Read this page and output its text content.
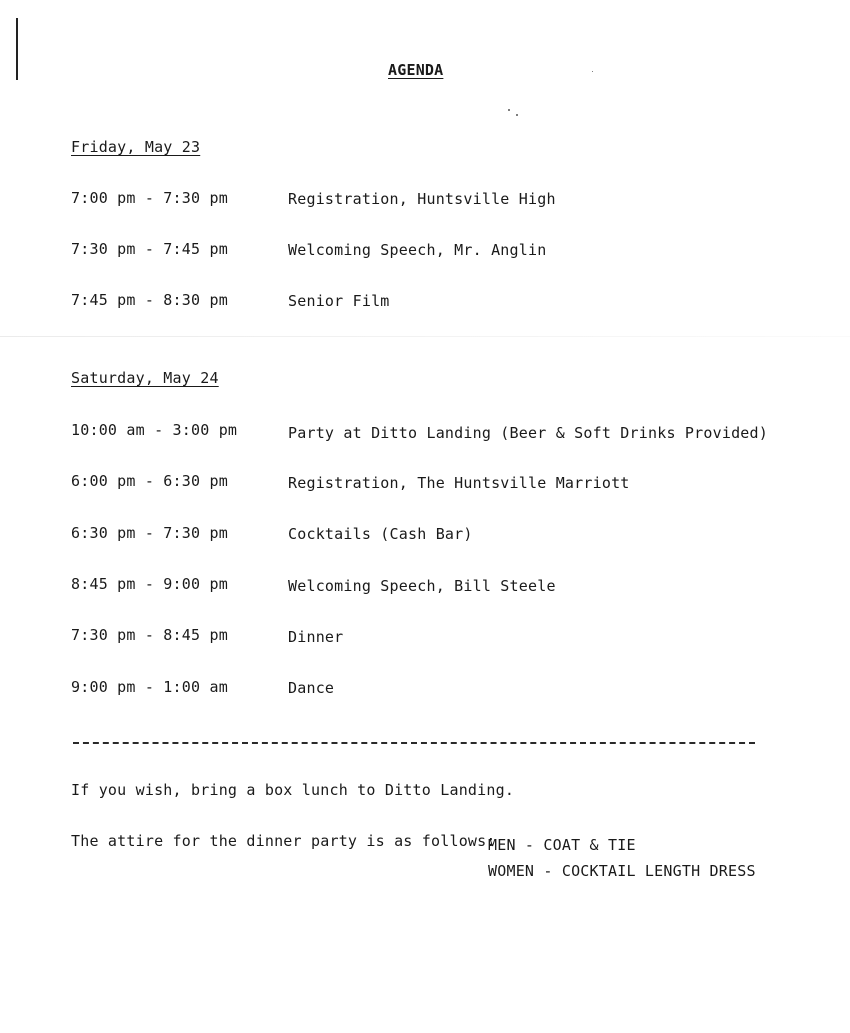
AGENDA

Friday, May 23

7:00 pm - 7:30 pm	Registration, Huntsville High

7:30 pm - 7:45 pm	Welcoming Speech, Mr. Anglin

7:45 pm - 8:30 pm	Senior Film

Saturday, May 24

10:00 am - 3:00 pm	Party at Ditto Landing (Beer & Soft Drinks Provided)

6:00 pm - 6:30 pm	Registration, The Huntsville Marriott

6:30 pm - 7:30 pm	Cocktails (Cash Bar)

8:45 pm - 9:00 pm	Welcoming Speech, Bill Steele

7:30 pm - 8:45 pm	Dinner

9:00 pm - 1:00 am	Dance

If you wish, bring a box lunch to Ditto Landing.

The attire for the dinner party is as follows:

MEN - COAT & TIE

WOMEN - COCKTAIL LENGTH DRESS
